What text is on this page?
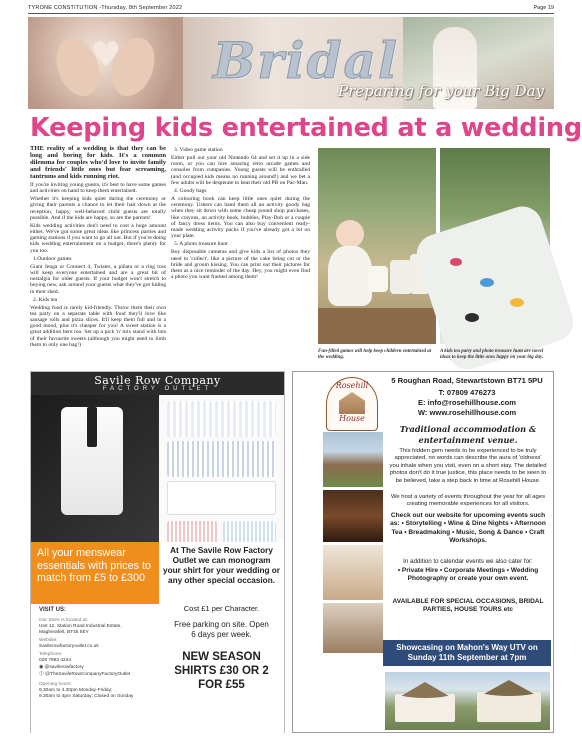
TYRONE CONSTITUTION -Thursday, 8th September 2022	Page 19
♥ Bridal
Preparing for your Big Day
Keeping kids entertained at a wedding

THE reality of a wedding is that they can be long and boring for kids. It's a common dilemma for couples who'd love to invite family and friends' little ones but fear screaming, tantrums and kids running riot.

If you're inviting young guests, it's best to have some games and activities on hand to keep them entertained.

Whether it's keeping kids quiet during the ceremony or giving their parents a chance to let their hair down at the reception, happy, well-behaved child guests are totally possible. And if the kids are happy, so are the parents!

Kids wedding activities don't need to cost a huge amount either. We've got some great ideas like princess parties and gaming stations if you want to go all out. But if you're doing kids wedding entertainment on a budget, there's plenty for you too.

1.Outdoor games

Giant Jenga or Connect 4, Twister, a piñata or a ring toss will keep everyone entertained and are a great bit of nostalgia for older guests. If your budget won't stretch to buying new, ask around your guests what they've got hiding in their shed.

2. Kids tea

Wedding food is rarely kid-friendly. Throw them their own tea party on a separate table with food they'll love like sausage rolls and pizza slices. It'll keep them full and in a good mood, plus it's cheaper for you! A sweet station is a great addition here too. Set up a pick 'n' mix stand with lots of their favourite sweets (although you might need to limit them to only one bag!)

3. Video game station

Either pull out your old Nintendo 64 and set it up in a side room, or you can hire amazing retro arcade games and consoles from companies. Young guests will be enthralled (and occupied kids means no running around!) and we bet a few adults will be desperate to beat their old PB on Pac-Man.

4. Goody bags

A colouring book can keep little ones quiet during the ceremony. Ushers can hand them all an activity goody bag when they sit down with some cheap pound shop purchases, like crayons, an activity book, bubbles, Play-Doh or a couple of fancy dress items. You can also buy convenient ready-made wedding activity packs if you've already got a lot on your plate.

5. A photo treasure hunt

Buy disposable cameras and give kids a list of photos they need to 'collect', like a picture of the cake being cut or the bride and groom kissing. You can print out their pictures for them as a nice reminder of the day. Hey, you might even find a photo you want framed among them!

Fun-filled games will help keep children entertained at the wedding.
A kids tea party and photo treasure hunt are novel ideas to keep the little ones happy on your big day.
Savile Row Company
FACTORY OUTLET
All your menswear essentials with prices to match from £5 to £300
VISIT US:
Our Store is located at:
Unit 12, Station Road Industrial Estate,
Magherafelt, BT45 5EY
Website:
Savilerowfactoryoutlet.co.uk
Telephone:
028 7963 4234
◉ @savilerowfactory
ⓕ @TheSavileRowCompanyFactoryOutlet
Opening hours:
9.30am to 4.30pm Monday-Friday;
9.30am to 4pm Saturday; Closed on Sunday
At The Savile Row Factory Outlet we can monogram your shirt for your wedding or any other special occasion.
Cost £1 per Character.
Free parking on site. Open 6 days per week.
NEW SEASON SHIRTS £30 OR 2 FOR £55
Rosehill
House
5 Roughan Road, Stewartstown BT71 5PU
T: 07809 476273
E: info@rosehillhouse.com
W: www.rosehillhouse.com
Traditional accommodation & entertainment venue.
This hidden gem needs to be experienced to be truly appreciated, no words can describe the aura of 'oldness' you inhale when you visit, even on a short stay. The detailed photos don't do it true justice, this place needs to be seen to be believed, take a step back in time at Rosehill House.
We host a variety of events throughout the year for all ages creating memorable experiences for all visitors.
Check out our website for upcoming events such as: • Storytelling • Wine & Dine Nights • Afternoon Tea • Breadmaking • Music, Song & Dance • Craft Workshops.
In addition to calendar events we also cater for:
• Private Hire • Corporate Meetings • Wedding Photography or create your own event.
AVAILABLE FOR SPECIAL OCCASIONS, BRIDAL PARTIES, HOUSE TOURS etc
Showcasing on Mahon's Way UTV on Sunday 11th September at 7pm
